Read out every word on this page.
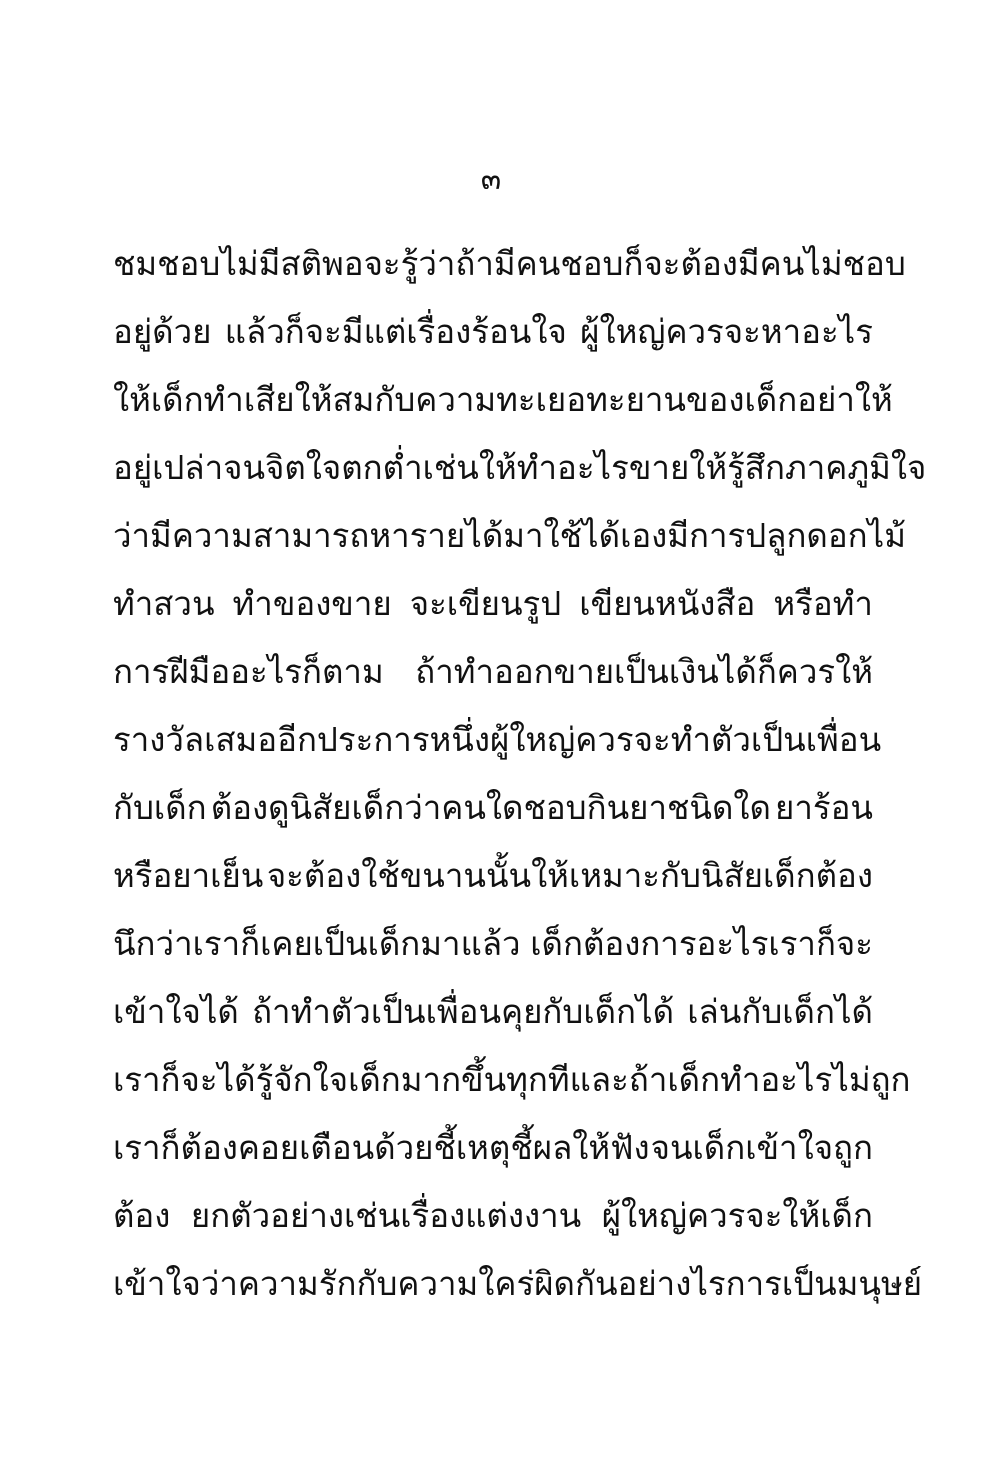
๓
ชมชอบ ไม่มีสติพอจะรู้ว่าถ้ามีคนชอบก็จะต้องมีคนไม่ชอบ
อยู่ด้วย แล้วก็จะมีแต่เรื่องร้อนใจ ผู้ใหญ่ควรจะหาอะไร
ให้เด็กทำเสียให้สมกับความทะเยอทะยานของเด็ก อย่าให้
อยู่เปล่าจนจิตใจตกต่ำ เช่นให้ทำอะไรขายให้รู้สึกภาคภูมิใจ
ว่ามีความสามารถหารายได้มาใช้ได้เอง มีการปลูกดอกไม้
ทำสวน ทำของขาย จะเขียนรูป เขียนหนังสือ หรือทำ
การฝีมืออะไรก็ตาม ถ้าทำออกขายเป็นเงินได้ก็ควรให้
รางวัลเสมอ อีกประการหนึ่งผู้ใหญ่ควรจะทำตัวเป็นเพื่อน
กับเด็ก ต้องดูนิสัยเด็กว่าคนใดชอบกินยาชนิดใด ยาร้อน
หรือยาเย็น จะต้องใช้ขนานนั้นให้เหมาะกับนิสัยเด็กต้อง
นึกว่าเราก็เคยเป็นเด็กมาแล้ว เด็กต้องการอะไรเราก็จะ
เข้าใจได้ ถ้าทำตัวเป็นเพื่อนคุยกับเด็กได้ เล่นกับเด็กได้
เราก็จะได้รู้จักใจเด็กมากขึ้นทุกที และถ้าเด็กทำอะไรไม่ถูก
เราก็ต้องคอยเตือนด้วยชี้เหตุชี้ผลให้ฟัง จนเด็กเข้าใจถูก
ต้อง ยกตัวอย่างเช่นเรื่องแต่งงาน ผู้ใหญ่ควรจะให้เด็ก
เข้าใจว่า ความรักกับความใคร่ผิดกันอย่างไร การเป็นมนุษย์
